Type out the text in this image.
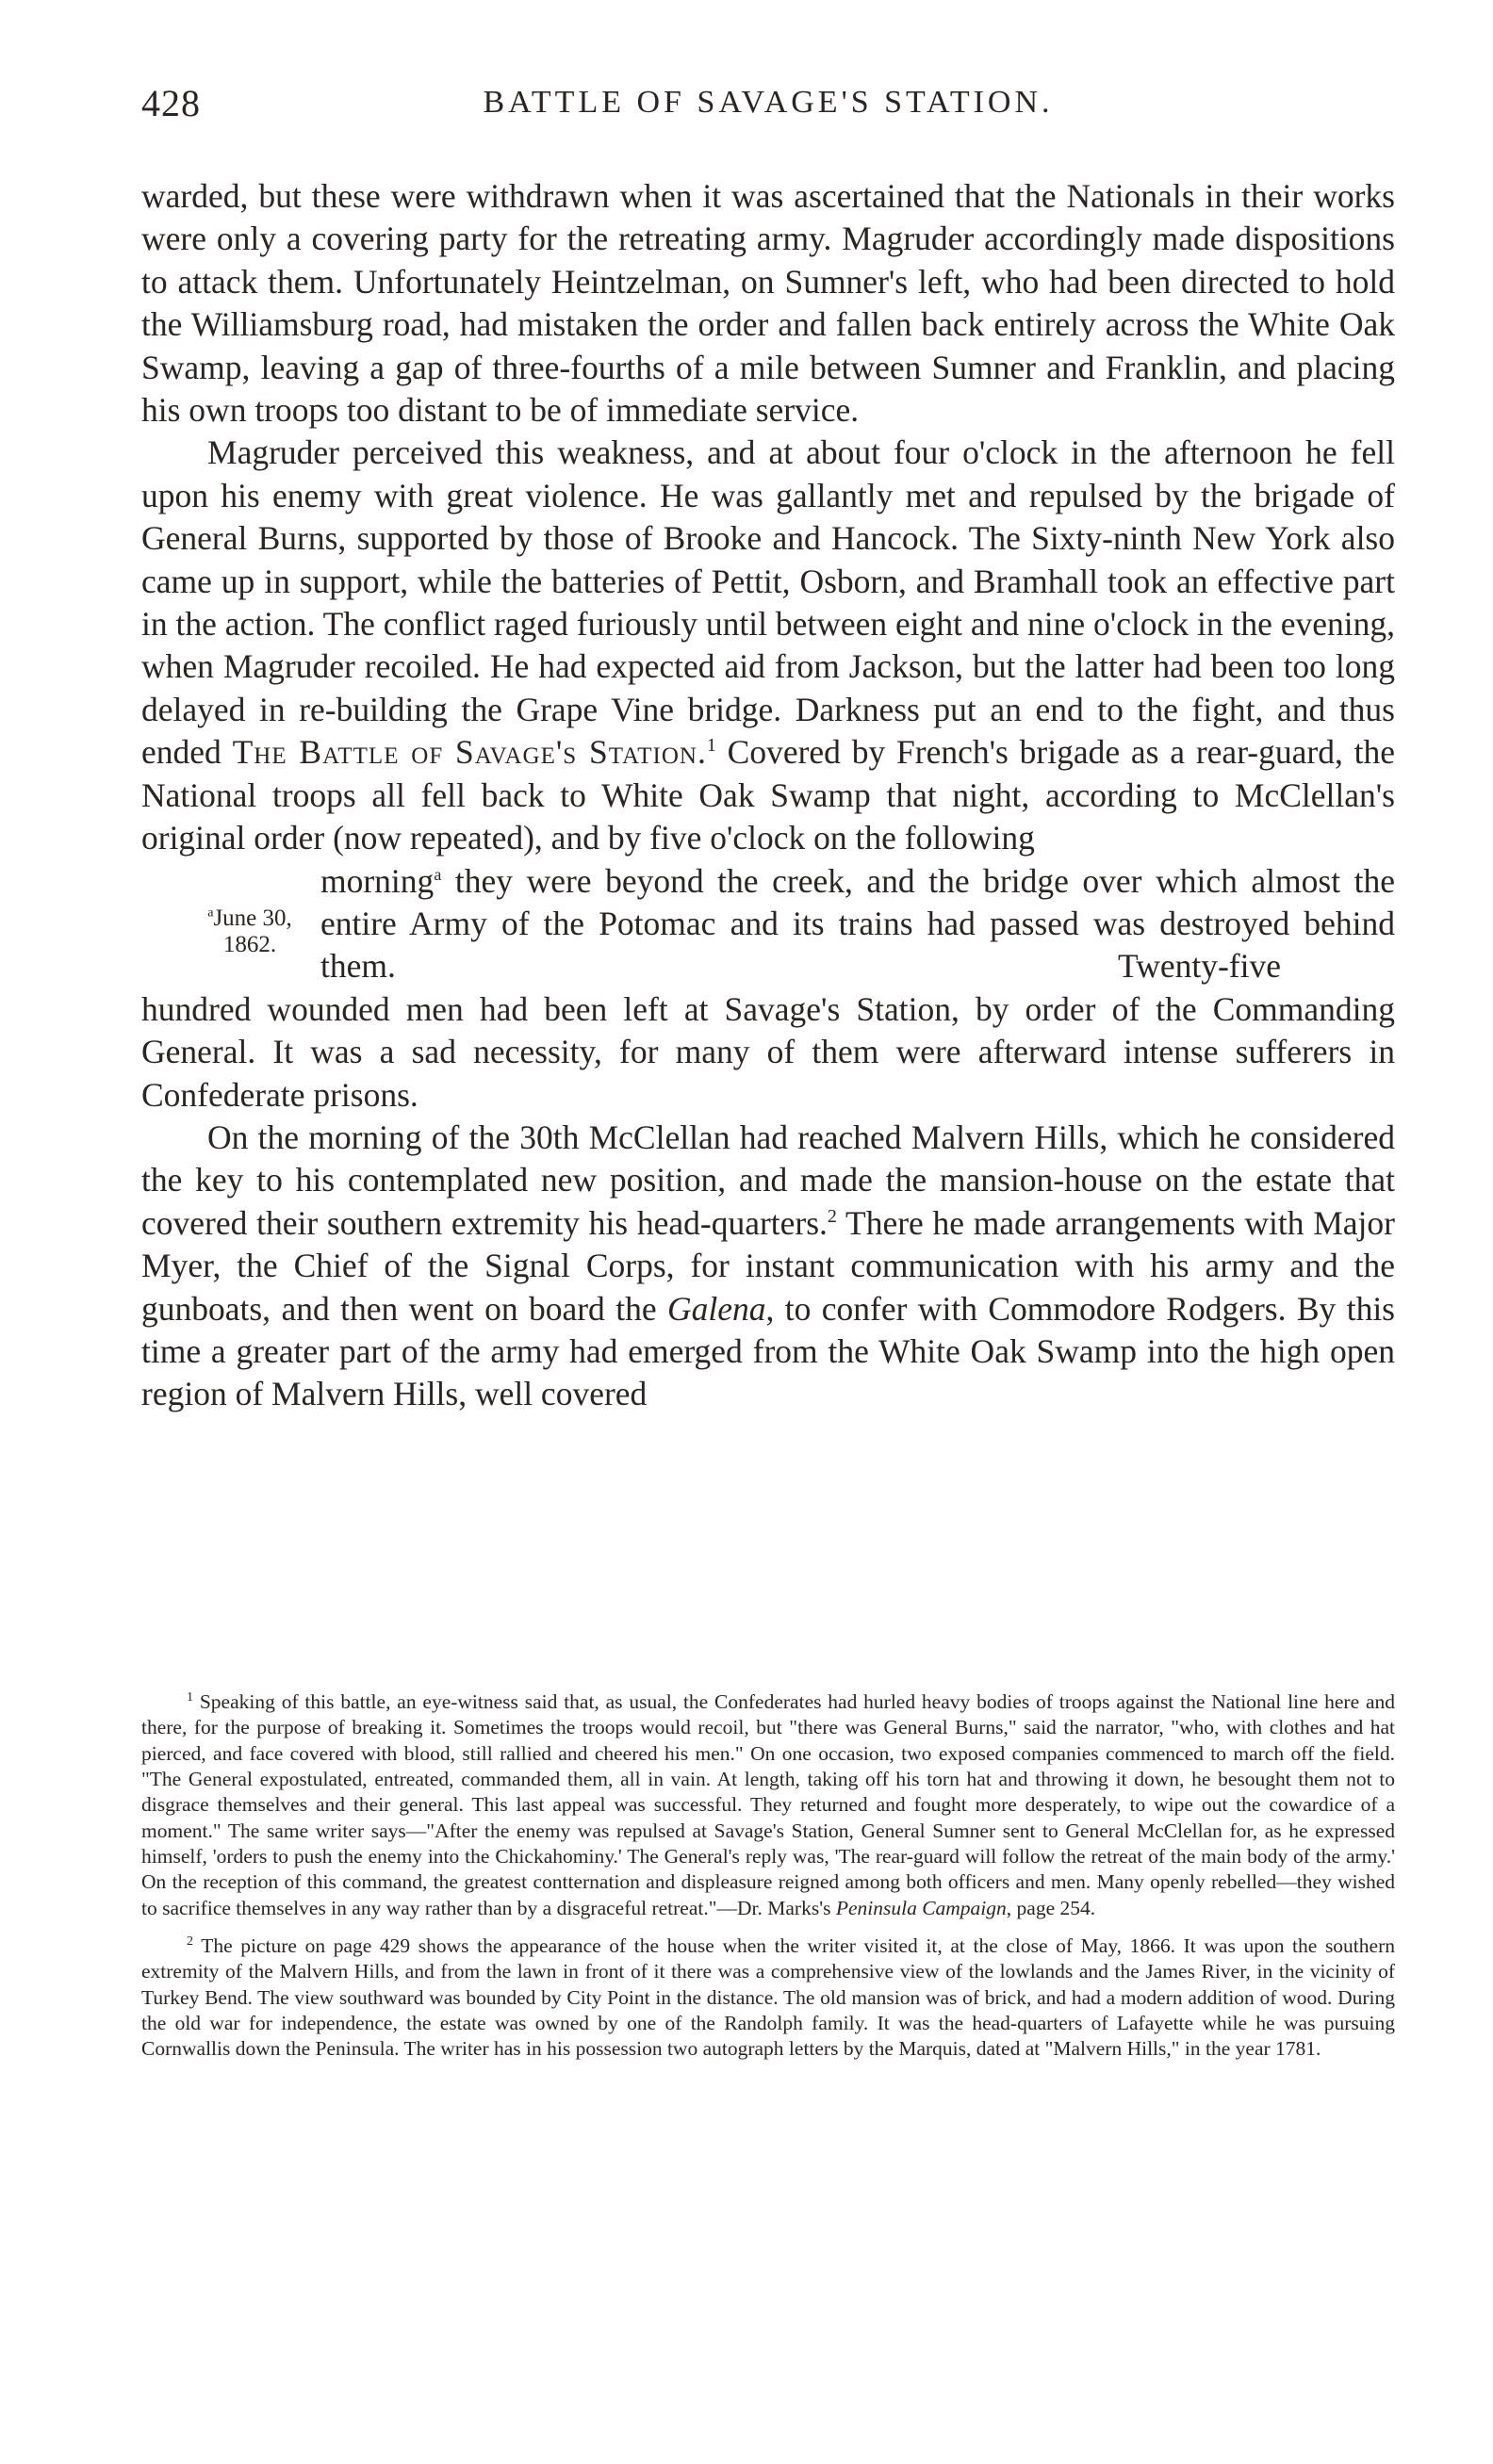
428	BATTLE OF SAVAGE'S STATION.

warded, but these were withdrawn when it was ascertained that the Nationals in their works were only a covering party for the retreating army. Magruder accordingly made dispositions to attack them. Unfortunately Heintzelman, on Sumner's left, who had been directed to hold the Williamsburg road, had mistaken the order and fallen back entirely across the White Oak Swamp, leaving a gap of three-fourths of a mile between Sumner and Franklin, and placing his own troops too distant to be of immediate service.

Magruder perceived this weakness, and at about four o'clock in the afternoon he fell upon his enemy with great violence. He was gallantly met and repulsed by the brigade of General Burns, supported by those of Brooke and Hancock. The Sixty-ninth New York also came up in support, while the batteries of Pettit, Osborn, and Bramhall took an effective part in the action. The conflict raged furiously until between eight and nine o'clock in the evening, when Magruder recoiled. He had expected aid from Jackson, but the latter had been too long delayed in re-building the Grape Vine bridge. Darkness put an end to the fight, and thus ended The Battle of Savage's Station.$^1$ Covered by French's brigade as a rear-guard, the National troops all fell back to White Oak Swamp that night, according to McClellan's original order (now repeated), and by five o'clock on the following

$^a$June 30,
1862.

morning$^a$ they were beyond the creek, and the bridge over which almost the entire Army of the Potomac and its trains had passed was destroyed behind them.	Twenty-five hundred wounded men had been left at Savage's Station, by order of the Commanding General. It was a sad necessity, for many of them were afterward intense sufferers in Confederate prisons.

On the morning of the 30th McClellan had reached Malvern Hills, which he considered the key to his contemplated new position, and made the mansion-house on the estate that covered their southern extremity his head-quarters.$^2$ There he made arrangements with Major Myer, the Chief of the Signal Corps, for instant communication with his army and the gunboats, and then went on board the Galena, to confer with Commodore Rodgers. By this time a greater part of the army had emerged from the White Oak Swamp into the high open region of Malvern Hills, well covered

$^1$ Speaking of this battle, an eye-witness said that, as usual, the Confederates had hurled heavy bodies of troops against the National line here and there, for the purpose of breaking it. Sometimes the troops would recoil, but "there was General Burns," said the narrator, "who, with clothes and hat pierced, and face covered with blood, still rallied and cheered his men." On one occasion, two exposed companies commenced to march off the field. "The General expostulated, entreated, commanded them, all in vain. At length, taking off his torn hat and throwing it down, he besought them not to disgrace themselves and their general. This last appeal was successful. They returned and fought more desperately, to wipe out the cowardice of a moment." The same writer says—"After the enemy was repulsed at Savage's Station, General Sumner sent to General McClellan for, as he expressed himself, 'orders to push the enemy into the Chickahominy.' The General's reply was, 'The rear-guard will follow the retreat of the main body of the army.' On the reception of this command, the greatest contternation and displeasure reigned among both officers and men. Many openly rebelled—they wished to sacrifice themselves in any way rather than by a disgraceful retreat."—Dr. Marks's Peninsula Campaign, page 254.

$^2$ The picture on page 429 shows the appearance of the house when the writer visited it, at the close of May, 1866. It was upon the southern extremity of the Malvern Hills, and from the lawn in front of it there was a comprehensive view of the lowlands and the James River, in the vicinity of Turkey Bend. The view southward was bounded by City Point in the distance. The old mansion was of brick, and had a modern addition of wood. During the old war for independence, the estate was owned by one of the Randolph family. It was the head-quarters of Lafayette while he was pursuing Cornwallis down the Peninsula. The writer has in his possession two autograph letters by the Marquis, dated at "Malvern Hills," in the year 1781.
